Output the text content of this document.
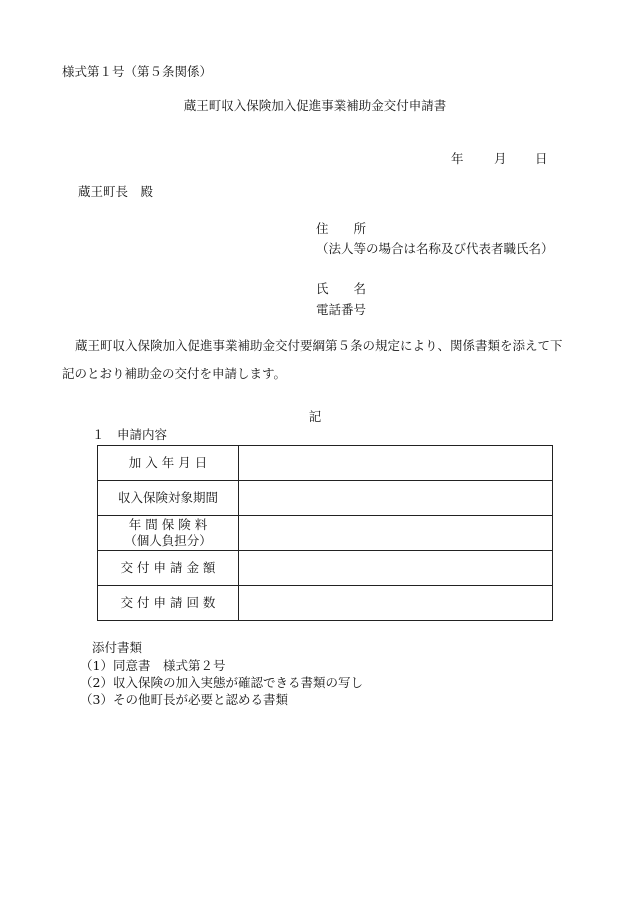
様式第１号（第５条関係）
蔵王町収入保険加入促進事業補助金交付申請書
年 月 日
蔵王町長　殿
住　　所
（法人等の場合は名称及び代表者職氏名）
氏　　名
電話番号
蔵王町収入保険加入促進事業補助金交付要綱第５条の規定により、関係書類を添えて下記のとおり補助金の交付を申請します。
記
１　申請内容
加 入 年 月 日	
収入保険対象期間	
年 間 保 険 料
（個人負担分）	
交 付 申 請 金 額	
交 付 申 請 回 数	
添付書類
（1）同意書　様式第２号
（2）収入保険の加入実態が確認できる書類の写し
（3）その他町長が必要と認める書類
